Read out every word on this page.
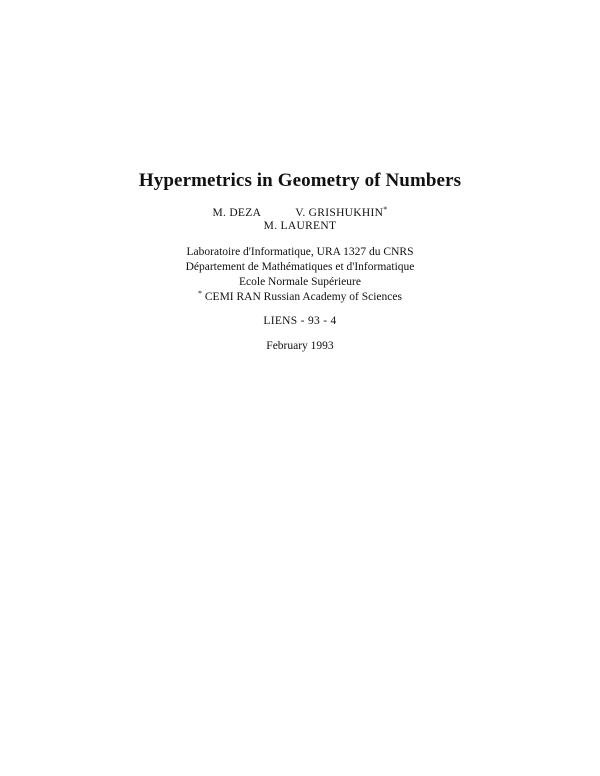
Hypermetrics in Geometry of Numbers
M. DEZA	V. GRISHUKHIN*
M. LAURENT
Laboratoire d'Informatique, URA 1327 du CNRS
Département de Mathématiques et d'Informatique
Ecole Normale Supérieure
* CEMI RAN Russian Academy of Sciences
LIENS - 93 - 4
February 1993
